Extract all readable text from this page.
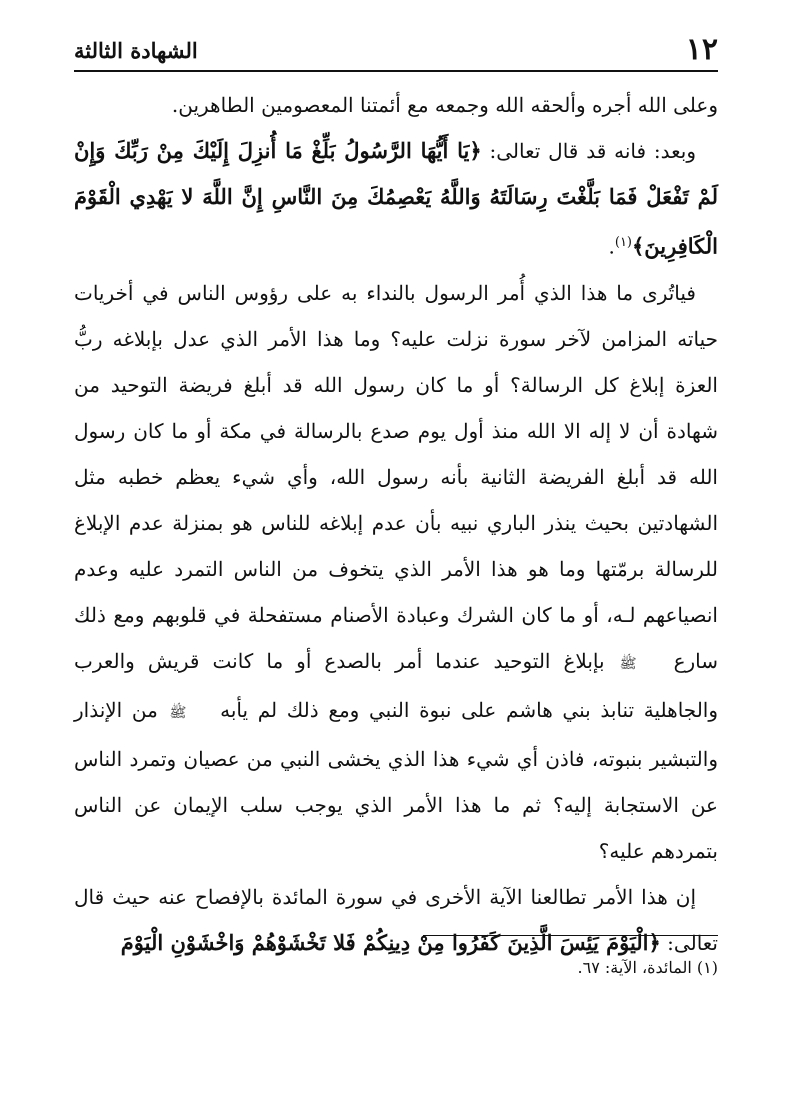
١٢
الشهادة الثالثة

وعلى الله أجره وألحقه الله وجمعه مع أئمتنا المعصومين الطاهرين.

وبعد: فانه قد قال تعالى: ﴿يَا أَيُّهَا الرَّسُولُ بَلِّغْ مَا أُنزِلَ إِلَيْكَ مِنْ رَبِّكَ وَإِنْ لَمْ تَفْعَلْ فَمَا بَلَّغْتَ رِسَالَتَهُ وَاللَّهُ يَعْصِمُكَ مِنَ النَّاسِ إِنَّ اللَّهَ لا يَهْدِي الْقَوْمَ الْكَافِرِينَ﴾$^{(١)}$.

فياتُرى ما هذا الذي أُمر الرسول بالنداء به على رؤوس الناس في أخريات حياته المزامن لآخر سورة نزلت عليه؟ وما هذا الأمر الذي عدل بإبلاغه ربُّ العزة إبلاغ كل الرسالة؟ أو ما كان رسول الله قد أبلغ فريضة التوحيد من شهادة أن لا إله الا الله منذ أول يوم صدع بالرسالة في مكة أو ما كان رسول الله قد أبلغ الفريضة الثانية بأنه رسول الله، وأي شيء يعظم خطبه مثل الشهادتين بحيث ينذر الباري نبيه بأن عدم إبلاغه للناس هو بمنزلة عدم الإبلاغ للرسالة برمّتها وما هو هذا الأمر الذي يتخوف من الناس التمرد عليه وعدم انصياعهم لـه، أو ما كان الشرك وعبادة الأصنام مستفحلة في قلوبهم ومع ذلك سارع ﷺ بإبلاغ التوحيد عندما أمر بالصدع أو ما كانت قريش والعرب والجاهلية تنابذ بني هاشم على نبوة النبي ومع ذلك لم يأبه ﷺ من الإنذار والتبشير بنبوته، فاذن أي شيء هذا الذي يخشى النبي من عصيان وتمرد الناس عن الاستجابة إليه؟ ثم ما هذا الأمر الذي يوجب سلب الإيمان عن الناس بتمردهم عليه؟

إن هذا الأمر تطالعنا الآية الأخرى في سورة المائدة بالإفصاح عنه حيث قال تعالى: ﴿الْيَوْمَ يَئِسَ الَّذِينَ كَفَرُوا مِنْ دِينِكُمْ فَلا تَخْشَوْهُمْ وَاخْشَوْنِ الْيَوْمَ

(١) المائدة، الآية: ٦٧.
